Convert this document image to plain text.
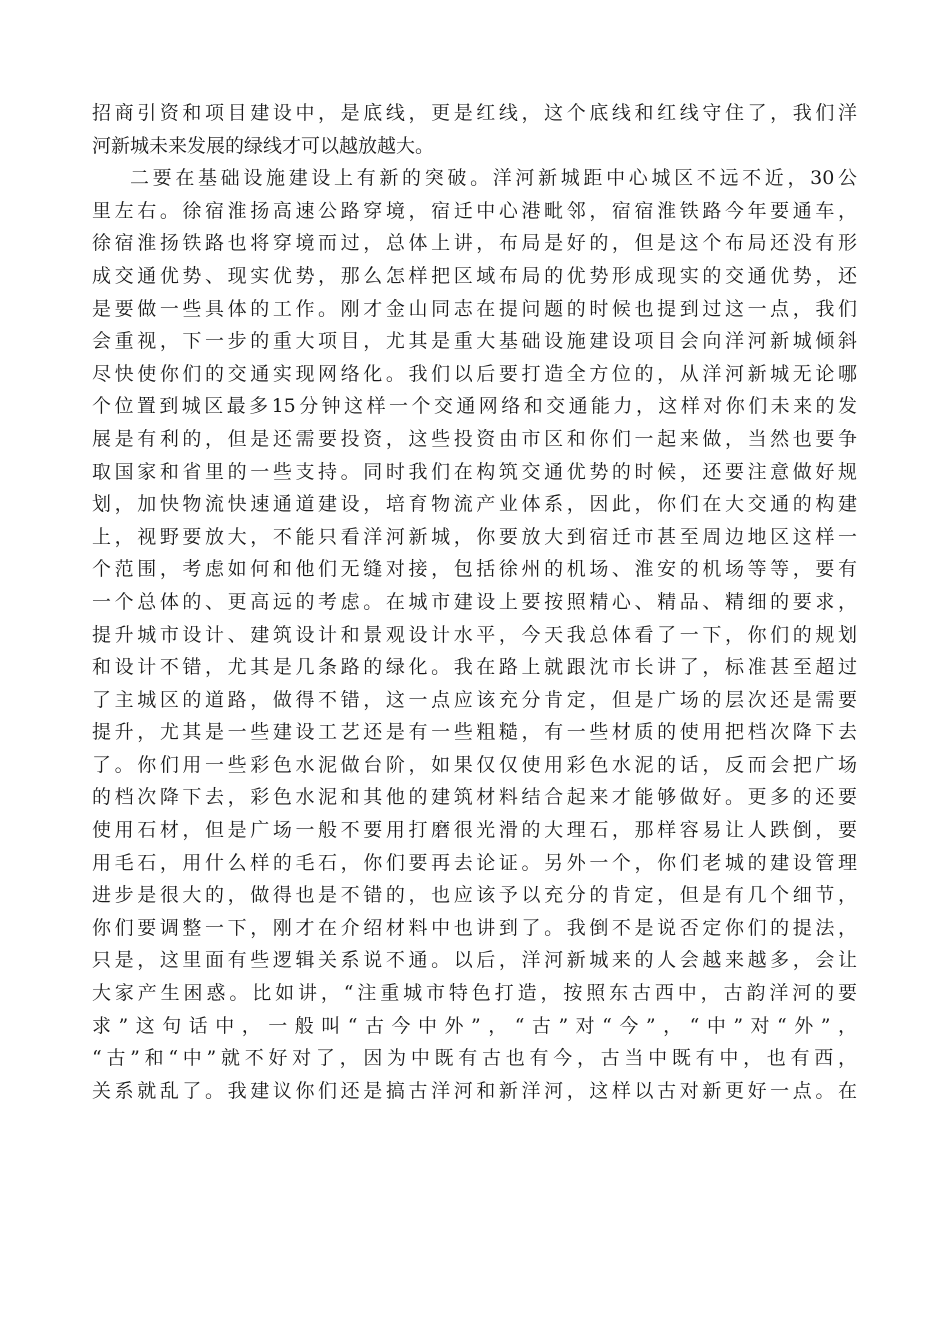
招商引资和项目建设中，是底线，更是红线，这个底线和红线守住了，我们洋
河新城未来发展的绿线才可以越放越大。
二要在基础设施建设上有新的突破。洋河新城距中心城区不远不近，30公
里左右。徐宿淮扬高速公路穿境，宿迁中心港毗邻，宿宿淮铁路今年要通车，
徐宿淮扬铁路也将穿境而过，总体上讲，布局是好的，但是这个布局还没有形
成交通优势、现实优势，那么怎样把区域布局的优势形成现实的交通优势，还
是要做一些具体的工作。刚才金山同志在提问题的时候也提到过这一点，我们
会重视，下一步的重大项目，尤其是重大基础设施建设项目会向洋河新城倾斜
尽快使你们的交通实现网络化。我们以后要打造全方位的，从洋河新城无论哪
个位置到城区最多15分钟这样一个交通网络和交通能力，这样对你们未来的发
展是有利的，但是还需要投资，这些投资由市区和你们一起来做，当然也要争
取国家和省里的一些支持。同时我们在构筑交通优势的时候，还要注意做好规
划，加快物流快速通道建设，培育物流产业体系，因此，你们在大交通的构建
上，视野要放大，不能只看洋河新城，你要放大到宿迁市甚至周边地区这样一
个范围，考虑如何和他们无缝对接，包括徐州的机场、淮安的机场等等，要有
一个总体的、更高远的考虑。在城市建设上要按照精心、精品、精细的要求，
提升城市设计、建筑设计和景观设计水平，今天我总体看了一下，你们的规划
和设计不错，尤其是几条路的绿化。我在路上就跟沈市长讲了，标准甚至超过
了主城区的道路，做得不错，这一点应该充分肯定，但是广场的层次还是需要
提升，尤其是一些建设工艺还是有一些粗糙，有一些材质的使用把档次降下去
了。你们用一些彩色水泥做台阶，如果仅仅使用彩色水泥的话，反而会把广场
的档次降下去，彩色水泥和其他的建筑材料结合起来才能够做好。更多的还要
使用石材，但是广场一般不要用打磨很光滑的大理石，那样容易让人跌倒，要
用毛石，用什么样的毛石，你们要再去论证。另外一个，你们老城的建设管理
进步是很大的，做得也是不错的，也应该予以充分的肯定，但是有几个细节，
你们要调整一下，刚才在介绍材料中也讲到了。我倒不是说否定你们的提法，
只是，这里面有些逻辑关系说不通。以后，洋河新城来的人会越来越多，会让
大家产生困惑。比如讲，“注重城市特色打造，按照东古西中，古韵洋河的要
求”这句话中，一般叫“古今中外”，“古”对“今”，“中”对“外”，
“古”和“中”就不好对了，因为中既有古也有今，古当中既有中，也有西，
关系就乱了。我建议你们还是搞古洋河和新洋河，这样以古对新更好一点。在
